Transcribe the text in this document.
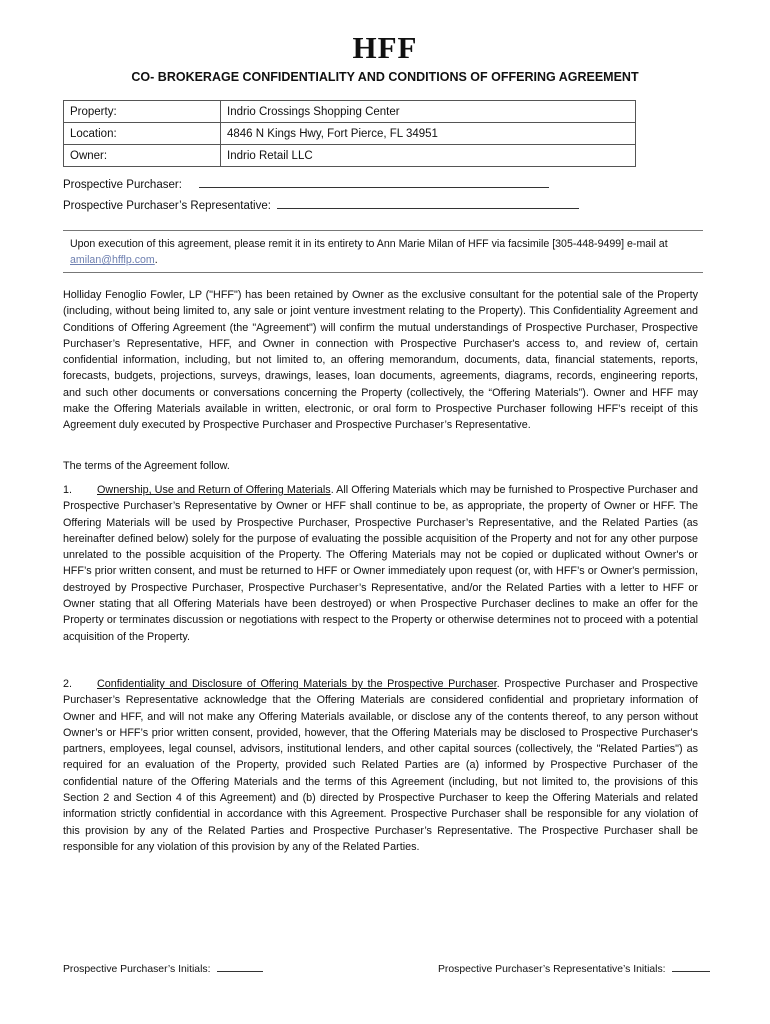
HFF
CO- BROKERAGE CONFIDENTIALITY AND CONDITIONS OF OFFERING AGREEMENT
Property:	Indrio Crossings Shopping Center
Location:	4846 N Kings Hwy, Fort Pierce, FL 34951
Owner:	Indrio Retail LLC
Prospective Purchaser:
Prospective Purchaser’s Representative:
Upon execution of this agreement, please remit it in its entirety to Ann Marie Milan of HFF via facsimile [305-448-9499] e-mail at amilan@hfflp.com.
Holliday Fenoglio Fowler, LP ("HFF") has been retained by Owner as the exclusive consultant for the potential sale of the Property (including, without being limited to, any sale or joint venture investment relating to the Property). This Confidentiality Agreement and Conditions of Offering Agreement (the "Agreement") will confirm the mutual understandings of Prospective Purchaser, Prospective Purchaser’s Representative, HFF, and Owner in connection with Prospective Purchaser's access to, and review of, certain confidential information, including, but not limited to, an offering memorandum, documents, data, financial statements, reports, forecasts, budgets, projections, surveys, drawings, leases, loan documents, agreements, diagrams, records, engineering reports, and such other documents or conversations concerning the Property (collectively, the “Offering Materials”). Owner and HFF may make the Offering Materials available in written, electronic, or oral form to Prospective Purchaser following HFF’s receipt of this Agreement duly executed by Prospective Purchaser and Prospective Purchaser’s Representative.
The terms of the Agreement follow.
1. Ownership, Use and Return of Offering Materials. All Offering Materials which may be furnished to Prospective Purchaser and Prospective Purchaser’s Representative by Owner or HFF shall continue to be, as appropriate, the property of Owner or HFF. The Offering Materials will be used by Prospective Purchaser, Prospective Purchaser’s Representative, and the Related Parties (as hereinafter defined below) solely for the purpose of evaluating the possible acquisition of the Property and not for any other purpose unrelated to the possible acquisition of the Property. The Offering Materials may not be copied or duplicated without Owner's or HFF’s prior written consent, and must be returned to HFF or Owner immediately upon request (or, with HFF’s or Owner's permission, destroyed by Prospective Purchaser, Prospective Purchaser’s Representative, and/or the Related Parties with a letter to HFF or Owner stating that all Offering Materials have been destroyed) or when Prospective Purchaser declines to make an offer for the Property or terminates discussion or negotiations with respect to the Property or otherwise determines not to proceed with a potential acquisition of the Property.
2. Confidentiality and Disclosure of Offering Materials by the Prospective Purchaser. Prospective Purchaser and Prospective Purchaser’s Representative acknowledge that the Offering Materials are considered confidential and proprietary information of Owner and HFF, and will not make any Offering Materials available, or disclose any of the contents thereof, to any person without Owner’s or HFF’s prior written consent, provided, however, that the Offering Materials may be disclosed to Prospective Purchaser's partners, employees, legal counsel, advisors, institutional lenders, and other capital sources (collectively, the "Related Parties") as required for an evaluation of the Property, provided such Related Parties are (a) informed by Prospective Purchaser of the confidential nature of the Offering Materials and the terms of this Agreement (including, but not limited to, the provisions of this Section 2 and Section 4 of this Agreement) and (b) directed by Prospective Purchaser to keep the Offering Materials and related information strictly confidential in accordance with this Agreement. Prospective Purchaser shall be responsible for any violation of this provision by any of the Related Parties and Prospective Purchaser’s Representative. The Prospective Purchaser shall be responsible for any violation of this provision by any of the Related Parties.
Prospective Purchaser’s Initials:	Prospective Purchaser’s Representative’s Initials:
